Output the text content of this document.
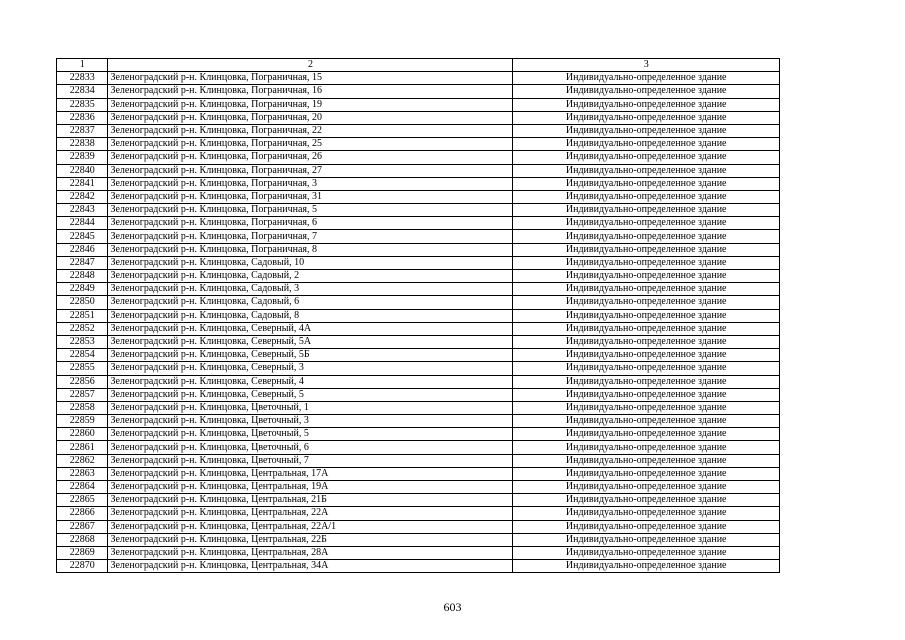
1	2	3
22833	Зеленоградский р-н. Клинцовка, Пограничная, 15	Индивидуально-определенное здание
22834	Зеленоградский р-н. Клинцовка, Пограничная, 16	Индивидуально-определенное здание
22835	Зеленоградский р-н. Клинцовка, Пограничная, 19	Индивидуально-определенное здание
22836	Зеленоградский р-н. Клинцовка, Пограничная, 20	Индивидуально-определенное здание
22837	Зеленоградский р-н. Клинцовка, Пограничная, 22	Индивидуально-определенное здание
22838	Зеленоградский р-н. Клинцовка, Пограничная, 25	Индивидуально-определенное здание
22839	Зеленоградский р-н. Клинцовка, Пограничная, 26	Индивидуально-определенное здание
22840	Зеленоградский р-н. Клинцовка, Пограничная, 27	Индивидуально-определенное здание
22841	Зеленоградский р-н. Клинцовка, Пограничная, 3	Индивидуально-определенное здание
22842	Зеленоградский р-н. Клинцовка, Пограничная, 31	Индивидуально-определенное здание
22843	Зеленоградский р-н. Клинцовка, Пограничная, 5	Индивидуально-определенное здание
22844	Зеленоградский р-н. Клинцовка, Пограничная, 6	Индивидуально-определенное здание
22845	Зеленоградский р-н. Клинцовка, Пограничная, 7	Индивидуально-определенное здание
22846	Зеленоградский р-н. Клинцовка, Пограничная, 8	Индивидуально-определенное здание
22847	Зеленоградский р-н. Клинцовка, Садовый, 10	Индивидуально-определенное здание
22848	Зеленоградский р-н. Клинцовка, Садовый, 2	Индивидуально-определенное здание
22849	Зеленоградский р-н. Клинцовка, Садовый, 3	Индивидуально-определенное здание
22850	Зеленоградский р-н. Клинцовка, Садовый, 6	Индивидуально-определенное здание
22851	Зеленоградский р-н. Клинцовка, Садовый, 8	Индивидуально-определенное здание
22852	Зеленоградский р-н. Клинцовка, Северный, 4А	Индивидуально-определенное здание
22853	Зеленоградский р-н. Клинцовка, Северный, 5А	Индивидуально-определенное здание
22854	Зеленоградский р-н. Клинцовка, Северный, 5Б	Индивидуально-определенное здание
22855	Зеленоградский р-н. Клинцовка, Северный, 3	Индивидуально-определенное здание
22856	Зеленоградский р-н. Клинцовка, Северный, 4	Индивидуально-определенное здание
22857	Зеленоградский р-н. Клинцовка, Северный, 5	Индивидуально-определенное здание
22858	Зеленоградский р-н. Клинцовка, Цветочный, 1	Индивидуально-определенное здание
22859	Зеленоградский р-н. Клинцовка, Цветочный, 3	Индивидуально-определенное здание
22860	Зеленоградский р-н. Клинцовка, Цветочный, 5	Индивидуально-определенное здание
22861	Зеленоградский р-н. Клинцовка, Цветочный, 6	Индивидуально-определенное здание
22862	Зеленоградский р-н. Клинцовка, Цветочный, 7	Индивидуально-определенное здание
22863	Зеленоградский р-н. Клинцовка, Центральная, 17А	Индивидуально-определенное здание
22864	Зеленоградский р-н. Клинцовка, Центральная, 19А	Индивидуально-определенное здание
22865	Зеленоградский р-н. Клинцовка, Центральная, 21Б	Индивидуально-определенное здание
22866	Зеленоградский р-н. Клинцовка, Центральная, 22А	Индивидуально-определенное здание
22867	Зеленоградский р-н. Клинцовка, Центральная, 22А/1	Индивидуально-определенное здание
22868	Зеленоградский р-н. Клинцовка, Центральная, 22Б	Индивидуально-определенное здание
22869	Зеленоградский р-н. Клинцовка, Центральная, 28А	Индивидуально-определенное здание
22870	Зеленоградский р-н. Клинцовка, Центральная, 34А	Индивидуально-определенное здание
603
